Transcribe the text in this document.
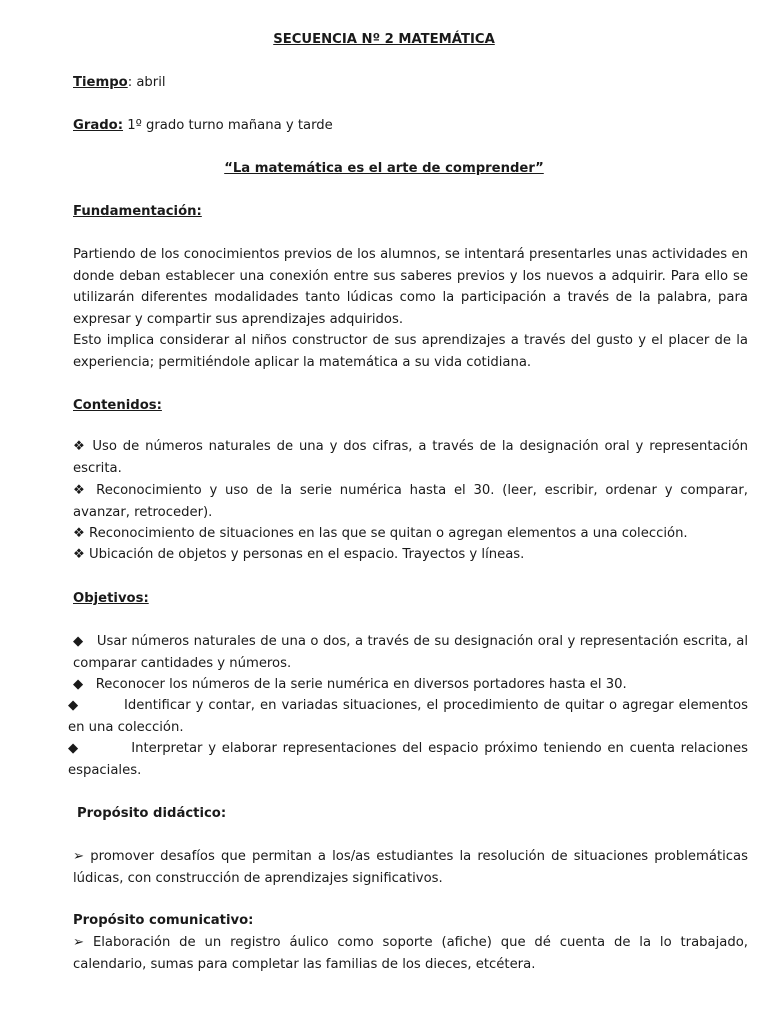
SECUENCIA Nº 2 MATEMÁTICA
Tiempo: abril
Grado: 1º grado turno mañana y tarde
“La matemática es el arte de comprender”
Fundamentación:
Partiendo de los conocimientos previos de los alumnos, se intentará presentarles unas actividades en donde deban establecer una conexión entre sus saberes previos y los nuevos a adquirir. Para ello se utilizarán diferentes modalidades tanto lúdicas como la participación a través de la palabra, para expresar y compartir sus aprendizajes adquiridos.
Esto implica considerar al niños constructor de sus aprendizajes a través del gusto y el placer de la experiencia; permitiéndole aplicar la matemática a su vida cotidiana.
Contenidos:
❖ Uso de números naturales de una y dos cifras, a través de la designación oral y representación escrita.
❖ Reconocimiento y uso de la serie numérica hasta el 30. (leer, escribir, ordenar y comparar, avanzar, retroceder).
❖ Reconocimiento de situaciones en las que se quitan o agregan elementos a una colección.
❖ Ubicación de objetos y personas en el espacio. Trayectos y líneas.
Objetivos:
◆ Usar números naturales de una o dos, a través de su designación oral y representación escrita, al comparar cantidades y números.
◆ Reconocer los números de la serie numérica en diversos portadores hasta el 30.
◆	Identificar y contar, en variadas situaciones, el procedimiento de quitar o agregar elementos en una colección.
◆	Interpretar y elaborar representaciones del espacio próximo teniendo en cuenta relaciones espaciales.
Propósito didáctico:
➢ promover desafíos que permitan a los/as estudiantes la resolución de situaciones problemáticas lúdicas, con construcción de aprendizajes significativos.
Propósito comunicativo:
➢ Elaboración de un registro áulico como soporte (afiche) que dé cuenta de la lo trabajado, calendario, sumas para completar las familias de los dieces, etcétera.
